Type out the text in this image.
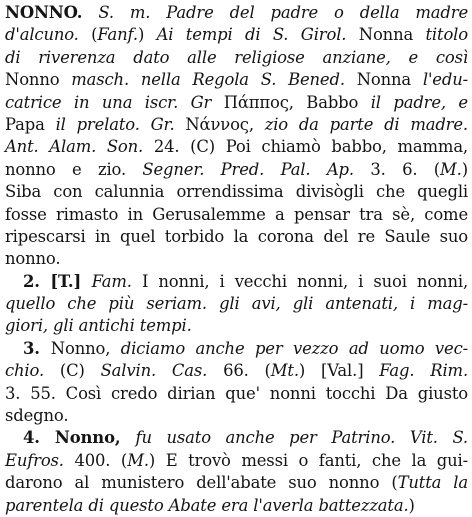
NONNO. S. m. Padre del padre o della madre
d'alcuno. (Fanf.) Ai tempi di S. Girol. Nonna titolo
di riverenza dato alle religiose anziane, e così
Nonno masch. nella Regola S. Bened. Nonna l'edu-
catrice in una iscr. Gr Πάππος, Babbo il padre, e
Papa il prelato. Gr. Νάννος, zio da parte di madre.
Ant. Alam. Son. 24. (C) Poi chiamò babbo, mamma,
nonno e zio. Segner. Pred. Pal. Ap. 3. 6. (M.)
Siba con calunnia orrendissima divisògli che quegli
fosse rimasto in Gerusalemme a pensar tra sè, come
ripescarsi in quel torbido la corona del re Saule suo
nonno.
2. [T.] Fam. I nonni, i vecchi nonni, i suoi nonni,
quello che più seriam. gli avi, gli antenati, i mag-
giori, gli antichi tempi.
3. Nonno, diciamo anche per vezzo ad uomo vec-
chio. (C) Salvin. Cas. 66. (Mt.) [Val.] Fag. Rim.
3. 55. Così credo dirian que' nonni tocchi Da giusto
sdegno.
4. Nonno, fu usato anche per Patrino. Vit. S.
Eufros. 400. (M.) E trovò messi o fanti, che la gui-
darono al munistero dell'abate suo nonno (Tutta la
parentela di questo Abate era l'averla battezzata.)
